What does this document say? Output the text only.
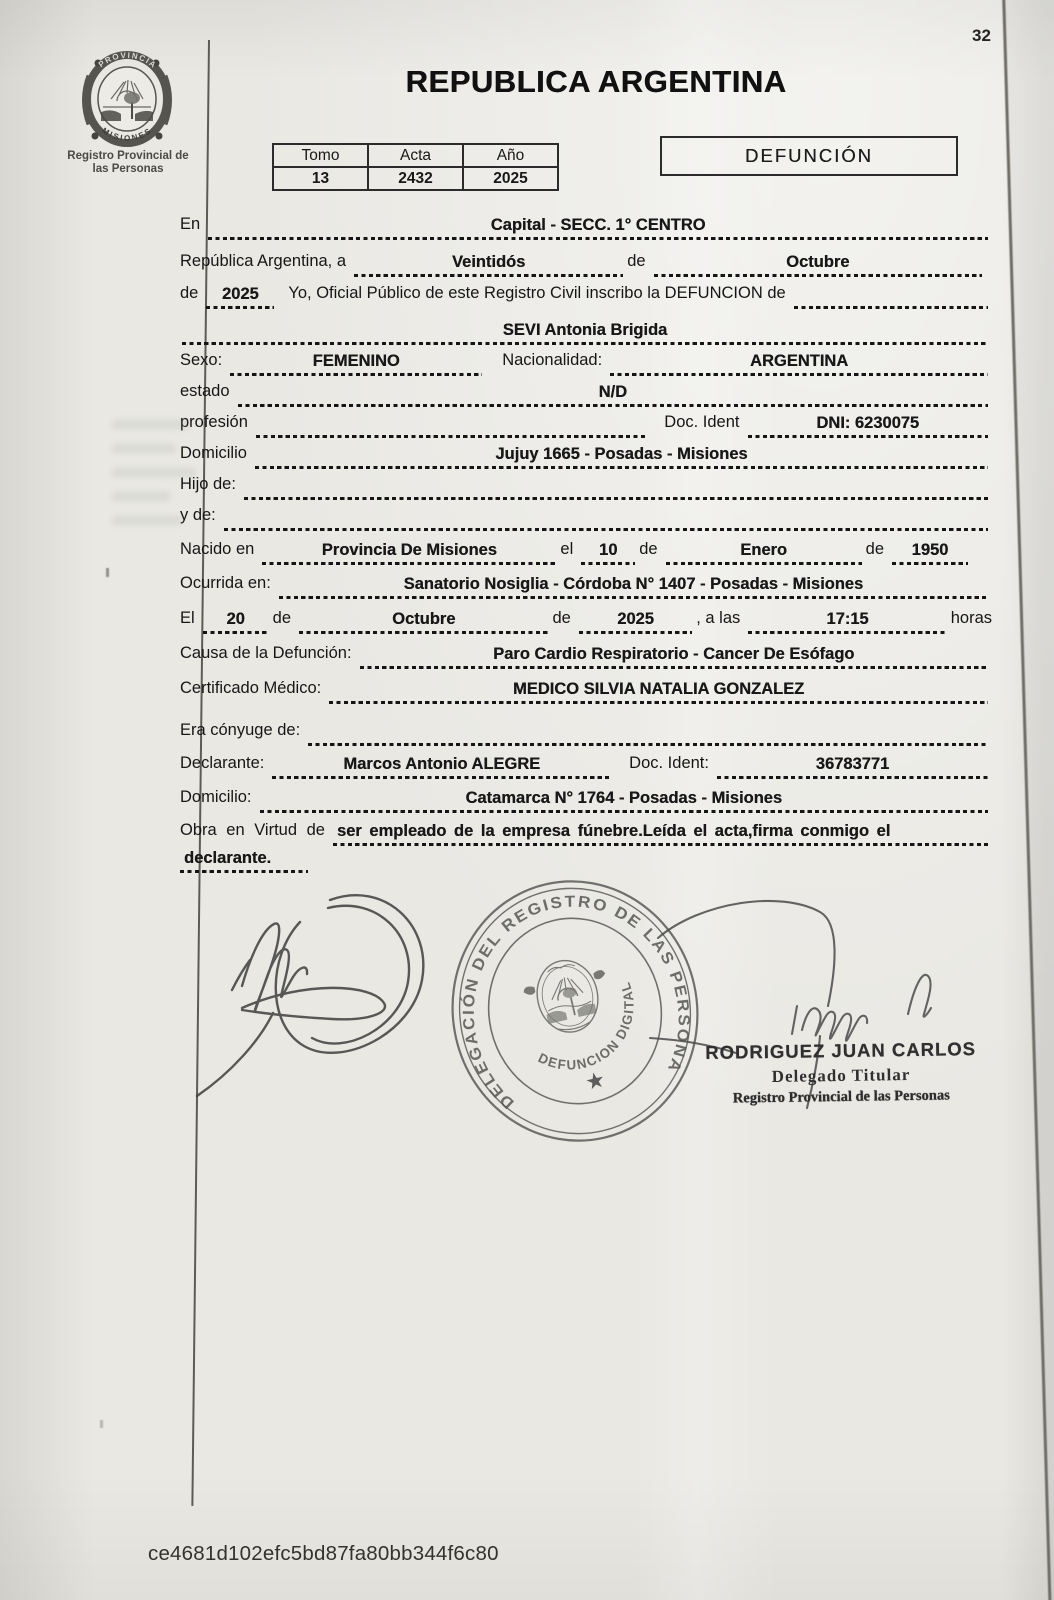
32
REPUBLICA ARGENTINA
PROVINCIA
MISIONES
Registro Provincial de
las Personas
Tomo	Acta	Año
13	2432	2025
DEFUNCIÓN
En	Capital - SECC. 1° CENTRO
República Argentina, a	Veintidós	de	Octubre
de 2025 Yo, Oficial Público de este Registro Civil inscribo la DEFUNCION de
SEVI Antonia Brigida
Sexo:	FEMENINO	Nacionalidad:	ARGENTINA
estado	N/D
profesión	Doc. Ident	DNI: 6230075
Domicilio	Jujuy 1665 - Posadas - Misiones
Hijo de:
y de:
Nacido en	Provincia De Misiones	el 10 de	Enero	de 1950
Ocurrida en:	Sanatorio Nosiglia - Córdoba N° 1407 - Posadas - Misiones
El 20 de	Octubre	de	2025	, a las	17:15	horas
Causa de la Defunción:	Paro Cardio Respiratorio - Cancer De Esófago
Certificado Médico:	MEDICO SILVIA NATALIA GONZALEZ
Era cónyuge de:
Declarante:	Marcos Antonio ALEGRE	Doc. Ident:	36783771
Domicilio:	Catamarca N° 1764 - Posadas - Misiones
Obra en Virtud de ser empleado de la empresa fúnebre.Leída el acta,firma conmigo el
declarante.
DELEGACIÓN DEL REGISTRO DE LAS PERSONAS
DEFUNCION DIGITAL
★
RODRIGUEZ JUAN CARLOS
Delegado Titular
Registro Provincial de las Personas
ce4681d102efc5bd87fa80bb344f6c80
